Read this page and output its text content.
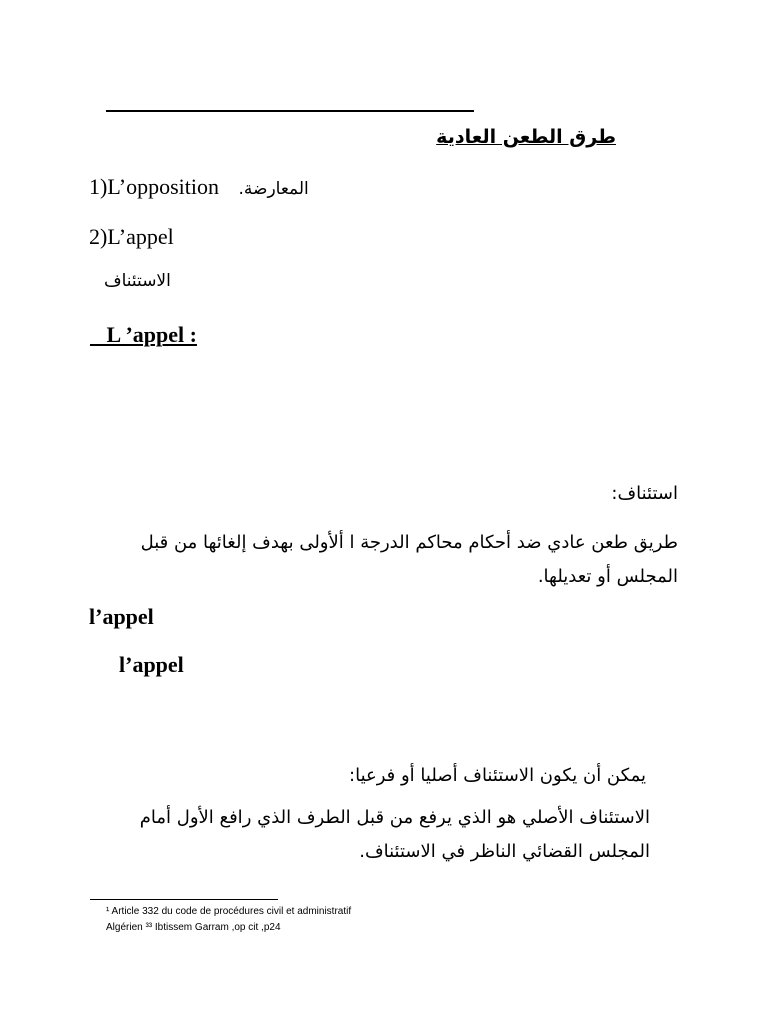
طرق الطعن العادية
1)L’opposition المعارضة.
2)L’appel
الاستئناف
L ’appel :
استئناف:
طريق طعن عادي ضد أحكام محاكم الدرجة ا ألأولى بهدف إلغائها من قبل المجلس أو تعديلها.
l’appel
l’appel
يمكن أن يكون الاستئناف أصليا أو فرعيا:
الاستئناف الأصلي هو الذي يرفع من قبل الطرف الذي رافع الأول أمام المجلس القضائي الناظر في الاستئناف.
¹ Article 332 du code de procédures civil et administratif
Algérien ³³ Ibtissem Garram ,op cit ,p24
